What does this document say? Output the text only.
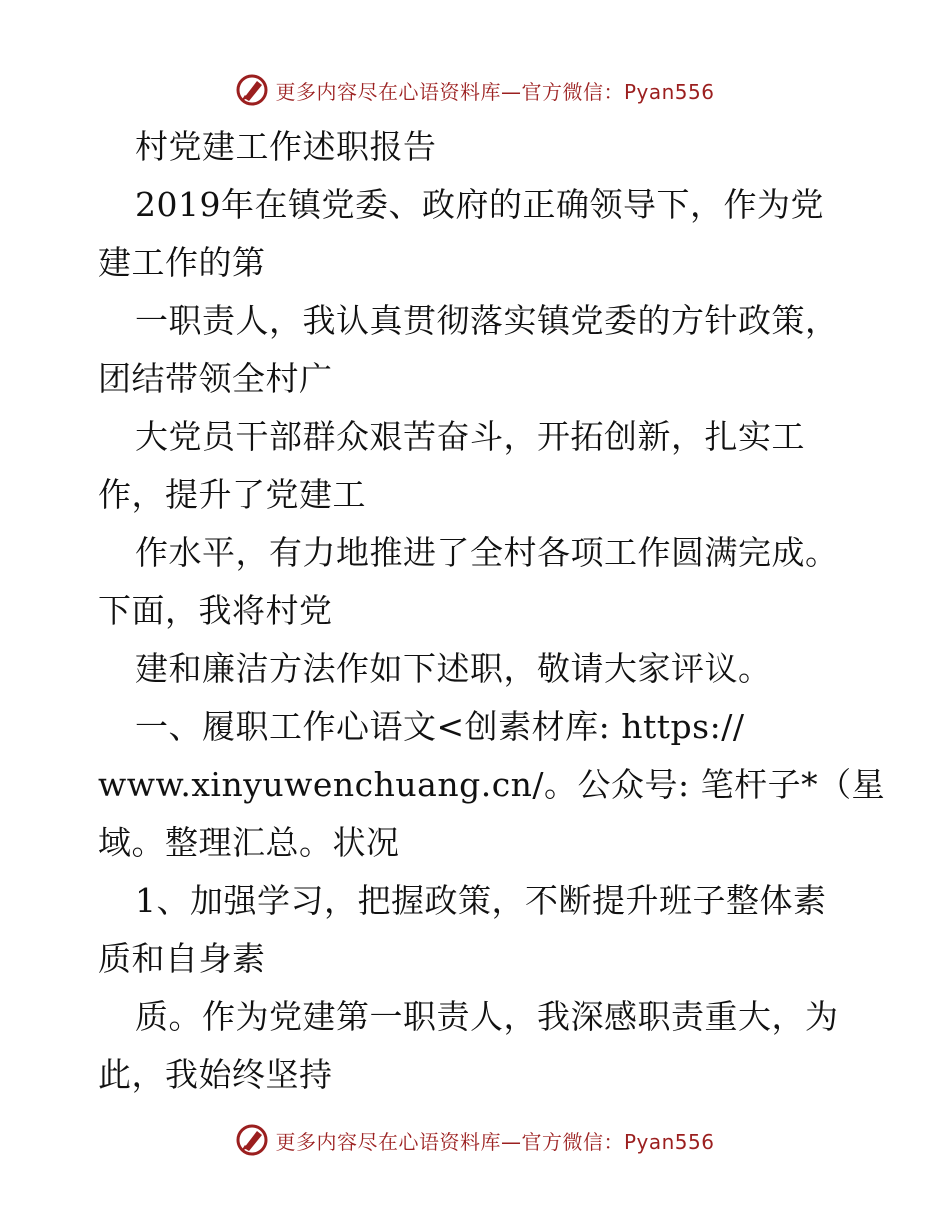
更多内容尽在心语资料库—官方微信：Pyan556
村党建工作述职报告
2019年在镇党委、政府的正确领导下，作为党
建工作的第
一职责人，我认真贯彻落实镇党委的方针政策，
团结带领全村广
大党员干部群众艰苦奋斗，开拓创新，扎实工
作，提升了党建工
作水平，有力地推进了全村各项工作圆满完成。
下面，我将村党
建和廉洁方法作如下述职，敬请大家评议。
一、履职工作心语文<创素材库: https://
www.xinyuwenchuang.cn/。公众号: 笔杆子*（星
域。整理汇总。状况
1、加强学习，把握政策，不断提升班子整体素
质和自身素
质。作为党建第一职责人，我深感职责重大，为
此，我始终坚持
更多内容尽在心语资料库—官方微信：Pyan556
